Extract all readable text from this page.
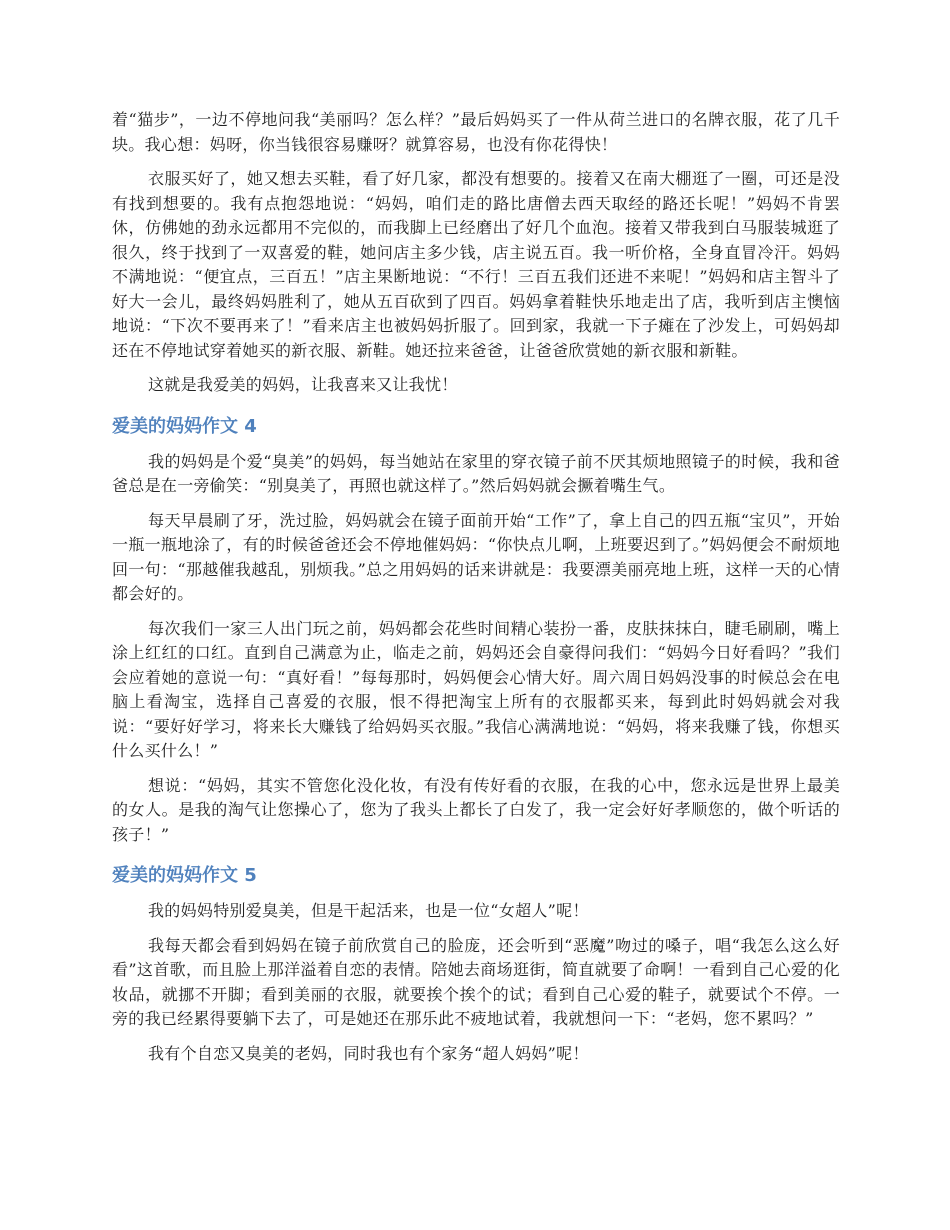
着“猫步”，一边不停地问我“美丽吗？怎么样？”最后妈妈买了一件从荷兰进口的名牌衣服，花了几千块。我心想：妈呀，你当钱很容易赚呀？就算容易，也没有你花得快！

衣服买好了，她又想去买鞋，看了好几家，都没有想要的。接着又在南大棚逛了一圈，可还是没有找到想要的。我有点抱怨地说：“妈妈，咱们走的路比唐僧去西天取经的路还长呢！”妈妈不肯罢休，仿佛她的劲永远都用不完似的，而我脚上已经磨出了好几个血泡。接着又带我到白马服装城逛了很久，终于找到了一双喜爱的鞋，她问店主多少钱，店主说五百。我一听价格，全身直冒冷汗。妈妈不满地说：“便宜点，三百五！”店主果断地说：“不行！三百五我们还进不来呢！”妈妈和店主智斗了好大一会儿，最终妈妈胜利了，她从五百砍到了四百。妈妈拿着鞋快乐地走出了店，我听到店主懊恼地说：“下次不要再来了！”看来店主也被妈妈折服了。回到家，我就一下子瘫在了沙发上，可妈妈却还在不停地试穿着她买的新衣服、新鞋。她还拉来爸爸，让爸爸欣赏她的新衣服和新鞋。

这就是我爱美的妈妈，让我喜来又让我忧！

爱美的妈妈作文 4

我的妈妈是个爱“臭美”的妈妈，每当她站在家里的穿衣镜子前不厌其烦地照镜子的时候，我和爸爸总是在一旁偷笑：“别臭美了，再照也就这样了。”然后妈妈就会撅着嘴生气。

每天早晨刷了牙，洗过脸，妈妈就会在镜子面前开始“工作”了，拿上自己的四五瓶“宝贝”，开始一瓶一瓶地涂了，有的时候爸爸还会不停地催妈妈：“你快点儿啊，上班要迟到了。”妈妈便会不耐烦地回一句：“那越催我越乱，别烦我。”总之用妈妈的话来讲就是：我要漂美丽亮地上班，这样一天的心情都会好的。

每次我们一家三人出门玩之前，妈妈都会花些时间精心装扮一番，皮肤抹抹白，睫毛刷刷，嘴上涂上红红的口红。直到自己满意为止，临走之前，妈妈还会自豪得问我们：“妈妈今日好看吗？”我们会应着她的意说一句：“真好看！”每每那时，妈妈便会心情大好。周六周日妈妈没事的时候总会在电脑上看淘宝，选择自己喜爱的衣服，恨不得把淘宝上所有的衣服都买来，每到此时妈妈就会对我说：“要好好学习，将来长大赚钱了给妈妈买衣服。”我信心满满地说：“妈妈，将来我赚了钱，你想买什么买什么！”

想说：“妈妈，其实不管您化没化妆，有没有传好看的衣服，在我的心中，您永远是世界上最美的女人。是我的淘气让您操心了，您为了我头上都长了白发了，我一定会好好孝顺您的，做个听话的孩子！”

爱美的妈妈作文 5

我的妈妈特别爱臭美，但是干起活来，也是一位“女超人”呢！

我每天都会看到妈妈在镜子前欣赏自己的脸庞，还会听到“恶魔”吻过的嗓子，唱“我怎么这么好看”这首歌，而且脸上那洋溢着自恋的表情。陪她去商场逛街，简直就要了命啊！一看到自己心爱的化妆品，就挪不开脚；看到美丽的衣服，就要挨个挨个的试；看到自己心爱的鞋子，就要试个不停。一旁的我已经累得要躺下去了，可是她还在那乐此不疲地试着，我就想问一下：“老妈，您不累吗？”

我有个自恋又臭美的老妈，同时我也有个家务“超人妈妈”呢！
